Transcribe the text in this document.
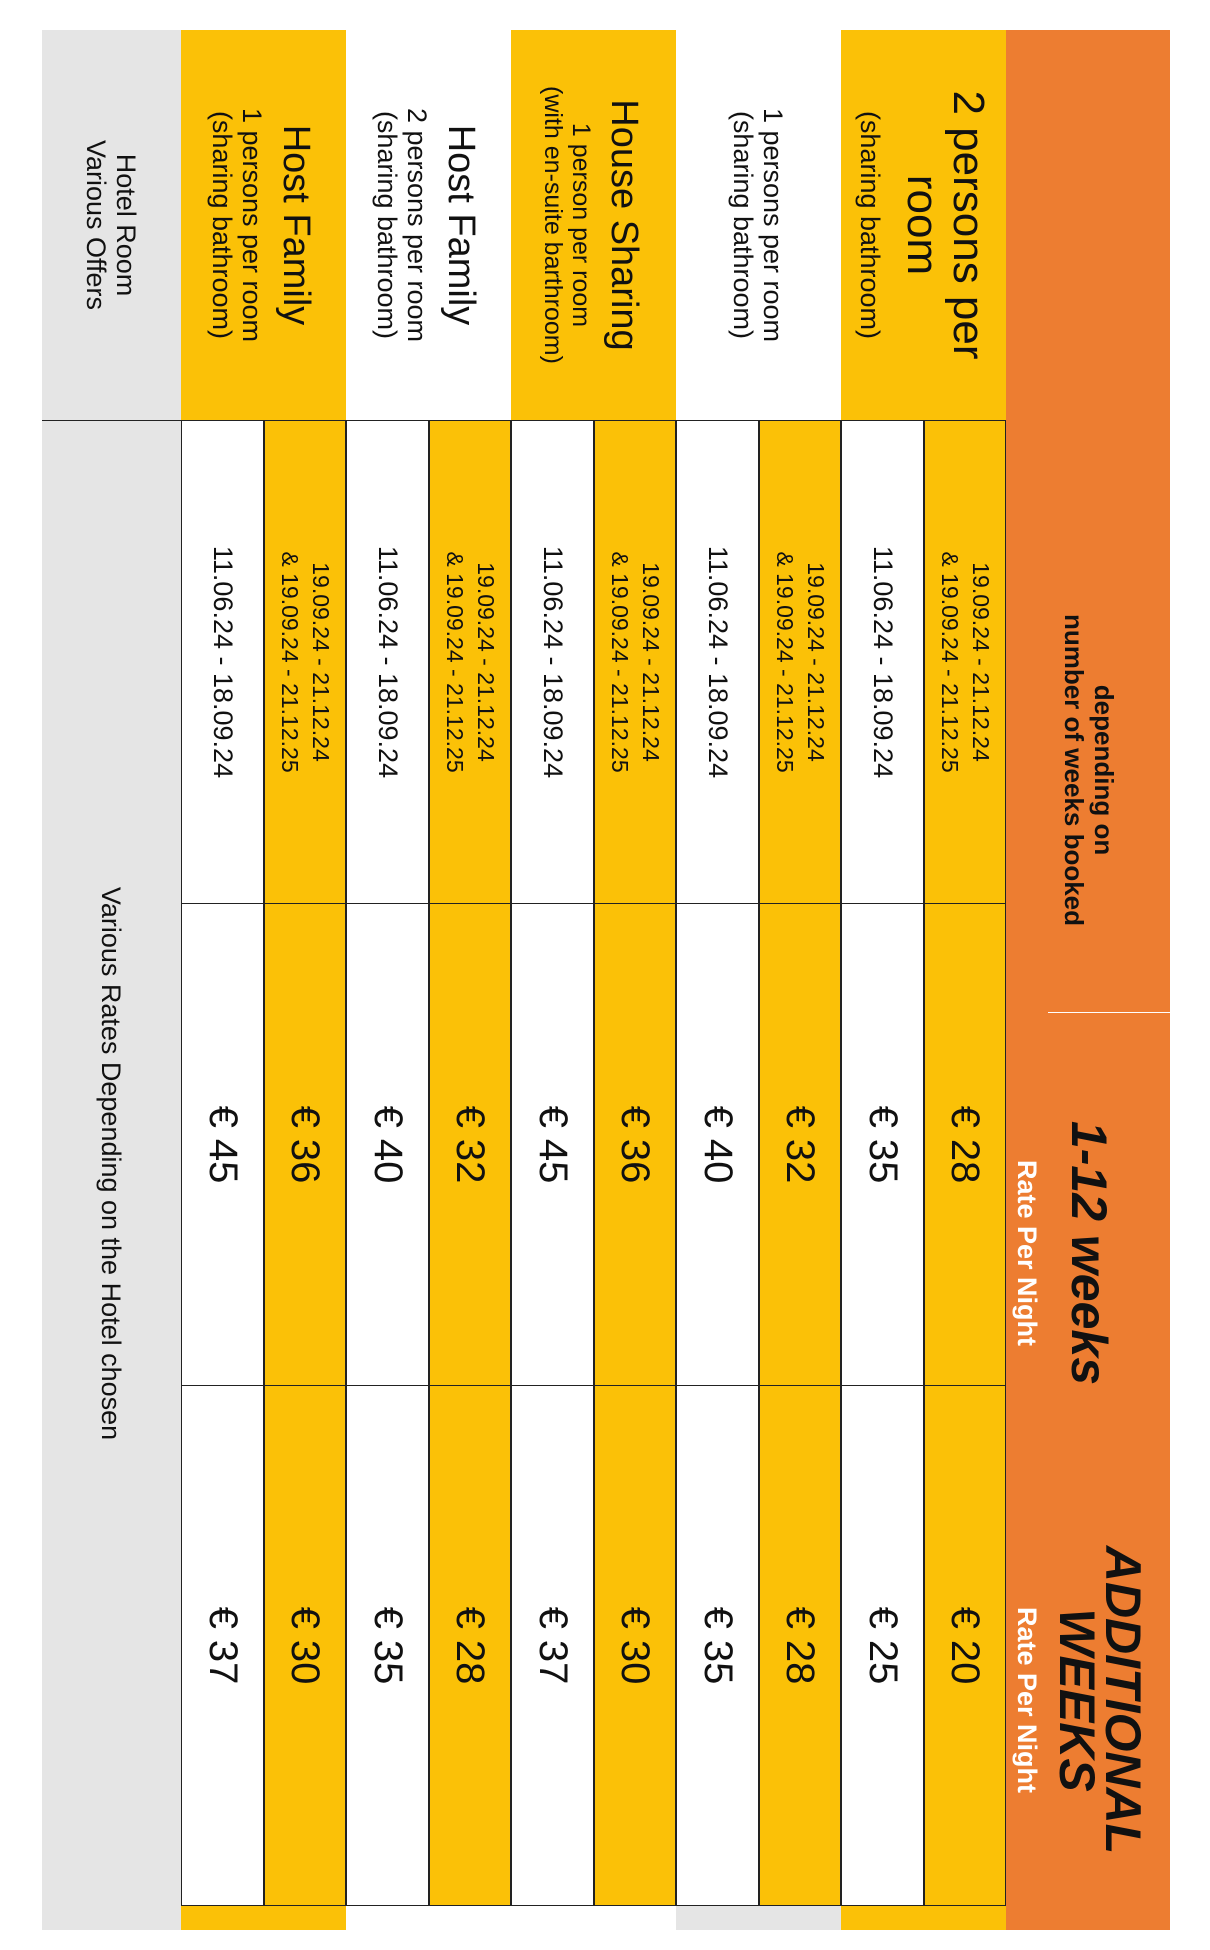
depending on
number of weeks booked
1-12 weeks
ADDITIONAL
WEEKS
Rate Per Night
Rate Per Night
2 persons per room
(sharing bathroom)
19.09.24 - 21.12.24
& 19.09.24 - 21.12.25
€ 28
€ 20
11.06.24 - 18.09.24
€ 35
€ 25
1 persons per room
(sharing bathroom)
19.09.24 - 21.12.24
& 19.09.24 - 21.12.25
€ 32
€ 28
11.06.24 - 18.09.24
€ 40
€ 35
House Sharing
1 person per room
(with en-suite barthroom)
19.09.24 - 21.12.24
& 19.09.24 - 21.12.25
€ 36
€ 30
11.06.24 - 18.09.24
€ 45
€ 37
Host Family
2 persons per room
(sharing bathroom)
19.09.24 - 21.12.24
& 19.09.24 - 21.12.25
€ 32
€ 28
11.06.24 - 18.09.24
€ 40
€ 35
Host Family
1 persons per room
(sharing bathroom)
19.09.24 - 21.12.24
& 19.09.24 - 21.12.25
€ 36
€ 30
11.06.24 - 18.09.24
€ 45
€ 37
Hotel Room
Various Offers
Various Rates Depending on the Hotel chosen
